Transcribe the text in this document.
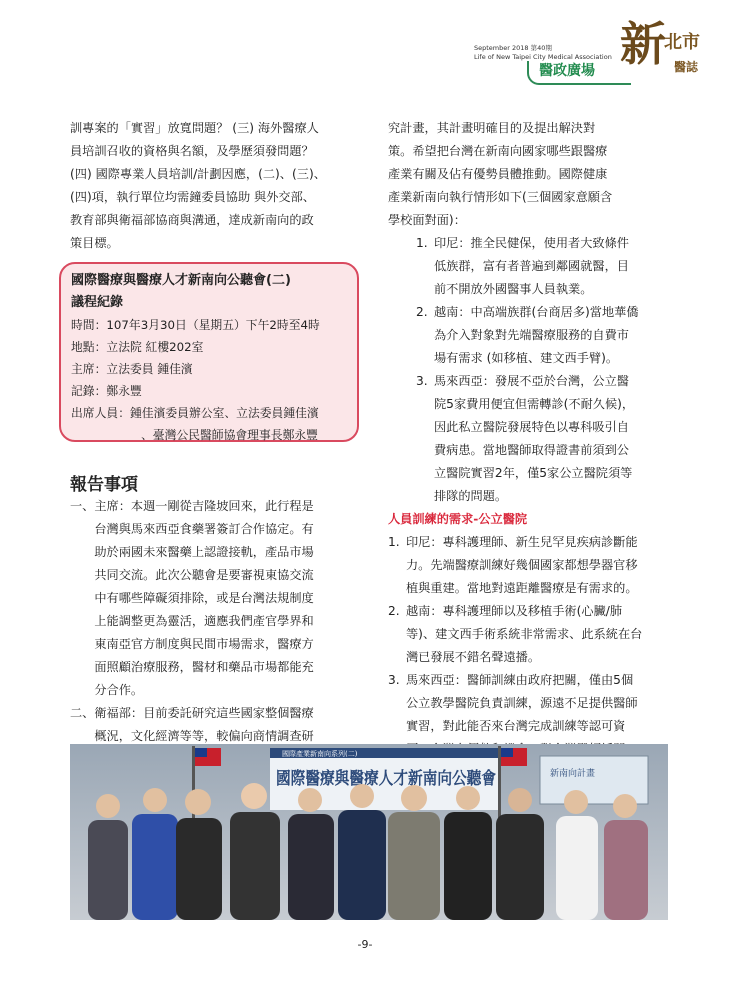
September 2018 第40期
Life of New Taipei City Medical Association
醫政廣場 新
北市
醫誌

訓專案的「實習」放寬問題？ (三) 海外醫療人

員培訓召收的資格與名額，及學歷須發問題？

(四) 國際專業人員培訓/計劃因應，(二)、(三)、

(四)項，執行單位均需鐘委員協助 與外交部、

教育部與衛福部協商與溝通，達成新南向的政

策目標。

國際醫療與醫療人才新南向公聽會(二)
議程紀錄
時間：107年3月30日（星期五）下午2時至4時
地點：立法院 紅樓202室
主席：立法委員 鍾佳濱
記錄：鄭永豐
出席人員：鍾佳濱委員辦公室、立法委員鍾佳濱
、臺灣公民醫師協會理事長鄭永豐
報告事項
一、 主席：本週一剛從吉隆坡回來，此行程是

台灣與馬來西亞食藥署簽訂合作協定。有

助於兩國未來醫藥上認證接軌，產品市場

共同交流。此次公聽會是要審視東協交流

中有哪些障礙須排除，或是台灣法規制度

上能調整更為靈活，適應我們產官學界和

東南亞官方制度與民間市場需求，醫療方

面照顧治療服務，醫材和藥品市場都能充

分合作。

二、 衛福部：目前委託研究這些國家整個醫療

概況，文化經濟等等，較偏向商情調查研

究計畫，其計畫明確目的及提出解決對

策。希望把台灣在新南向國家哪些跟醫療

產業有關及佔有優勢員體推動。國際健康

產業新南向執行情形如下(三個國家意願含

學校面對面)：

1. 印尼：推全民健保，使用者大致條件

低族群，富有者普遍到鄰國就醫，目

前不開放外國醫事人員執業。

2. 越南：中高端族群(台商居多)當地華僑

為介入對象對先端醫療服務的自費市

場有需求 (如移植、建文西手臂)。

3. 馬來西亞：發展不亞於台灣，公立醫

院5家費用便宜但需轉診(不耐久候)，

因此私立醫院發展特色以專科吸引自

費病患。當地醫師取得證書前須到公

立醫院實習2年，僅5家公立醫院須等

排隊的問題。

人員訓練的需求-公立醫院

1. 印尼：專科護理師、新生兒罕見疾病診斷能

力。先端醫療訓練好幾個國家都想學器官移

植與重建。當地對遠距離醫療是有需求的。

2. 越南：專科護理師以及移植手術(心臟/肺

等)、建文西手術系統非常需求、此系統在台

灣已發展不錯名聲遠播。

3. 馬來西亞：醫師訓練由政府把關，僅由5個

公立教學醫院負責訓練，源遠不足提供醫師

實習，對此能否來台灣完成訓練等認可資

國際產業新南向系列(二)
國際醫療與醫療人才新南向公聽會 新南向計畫
-9-
